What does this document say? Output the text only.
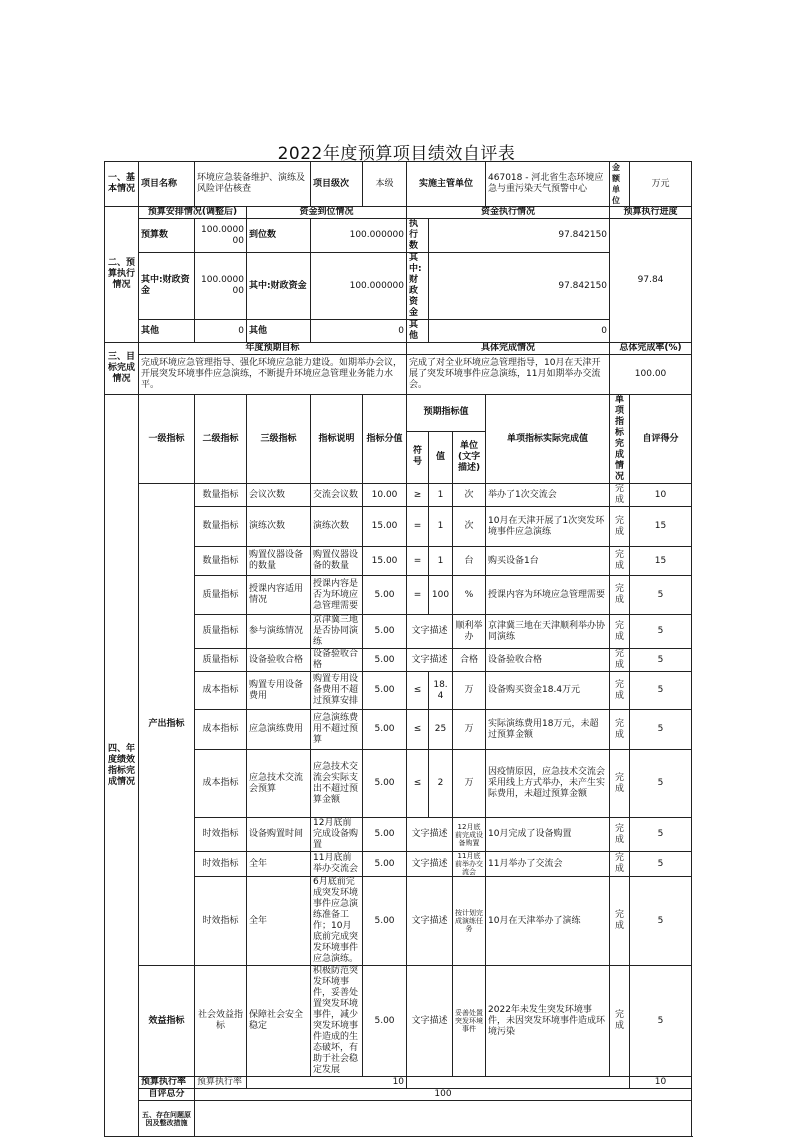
2022年度预算项目绩效自评表
一、基本情况	项目名称	环境应急装备维护、演练及风险评估核查		项目级次	本级	实施主管单位			467018 - 河北省生态环境应急与重污染天气预警中心	金额单位	万元
二、预算执行情况	预算安排情况(调整后)		资金到位情况			资金执行情况				预算执行进度	
	预算数	100.000000	到位数	100.000000		执行数	97.842150			97.84	
	其中:财政资金	100.000000	其中:财政资金	100.000000		其中:财政资金	97.842150				
	其他	0	其他	0		其他	0				
三、目标完成情况	年度预期目标					具体完成情况				总体完成率(%)	
	完成环境应急管理指导、强化环境应急能力建设。如期举办会议，开展突发环境事件应急演练，不断提升环境应急管理业务能力水平。					完成了对全业环境应急管理指导，10月在天津开展了突发环境事件应急演练，11月如期举办交流会。				100.00	
四、年度绩效指标完成情况	一级指标	二级指标	三级指标	指标说明	指标分值	预期指标值			单项指标实际完成值	单项指标完成情况	自评得分
						符号	值	单位(文字描述)			
	产出指标	数量指标	会议次数	交流会议数	10.00	≥	1	次	举办了1次交流会	完成	10
		数量指标	演练次数	演练次数	15.00	=	1	次	10月在天津开展了1次突发环境事件应急演练	完成	15
		数量指标	购置仪器设备的数量	购置仪器设备的数量	15.00	=	1	台	购买设备1台	完成	15
		质量指标	授课内容适用情况	授课内容是否为环境应急管理需要	5.00	=	100	%	授课内容为环境应急管理需要	完成	5
		质量指标	参与演练情况	京津冀三地是否协同演练	5.00	文字描述		顺利举办	京津冀三地在天津顺利举办协同演练	完成	5
		质量指标	设备验收合格	设备验收合格	5.00	文字描述		合格	设备验收合格	完成	5
		成本指标	购置专用设备费用	购置专用设备费用不超过预算安排	5.00	≤	18.4	万	设备购买资金18.4万元	完成	5
		成本指标	应急演练费用	应急演练费用不超过预算	5.00	≤	25	万	实际演练费用18万元，未超过预算金额	完成	5
		成本指标	应急技术交流会预算	应急技术交流会实际支出不超过预算金额	5.00	≤	2	万	因疫情原因，应急技术交流会采用线上方式举办，未产生实际费用，未超过预算金额	完成	5
		时效指标	设备购置时间	12月底前完成设备购置	5.00	文字描述		12月底前完成设备购置	10月完成了设备购置	完成	5
		时效指标	全年	11月底前举办交流会	5.00	文字描述		11月底前举办交流会	11月举办了交流会	完成	5
		时效指标	全年	6月底前完成突发环境事件应急演练准备工作；10月底前完成突发环境事件应急演练。	5.00	文字描述		按计划完成演练任务	10月在天津举办了演练	完成	5
	效益指标	社会效益指标	保障社会安全稳定	积极防范突发环境事件，妥善处置突发环境事件，减少突发环境事件造成的生态破坏，有助于社会稳定发展	5.00	文字描述		妥善处置突发环境事件	2022年未发生突发环境事件，未因突发环境事件造成环境污染	完成	5
	预算执行率	预算执行率	10								10
	自评总分	100									
	五、存在问题原因及整改措施										
